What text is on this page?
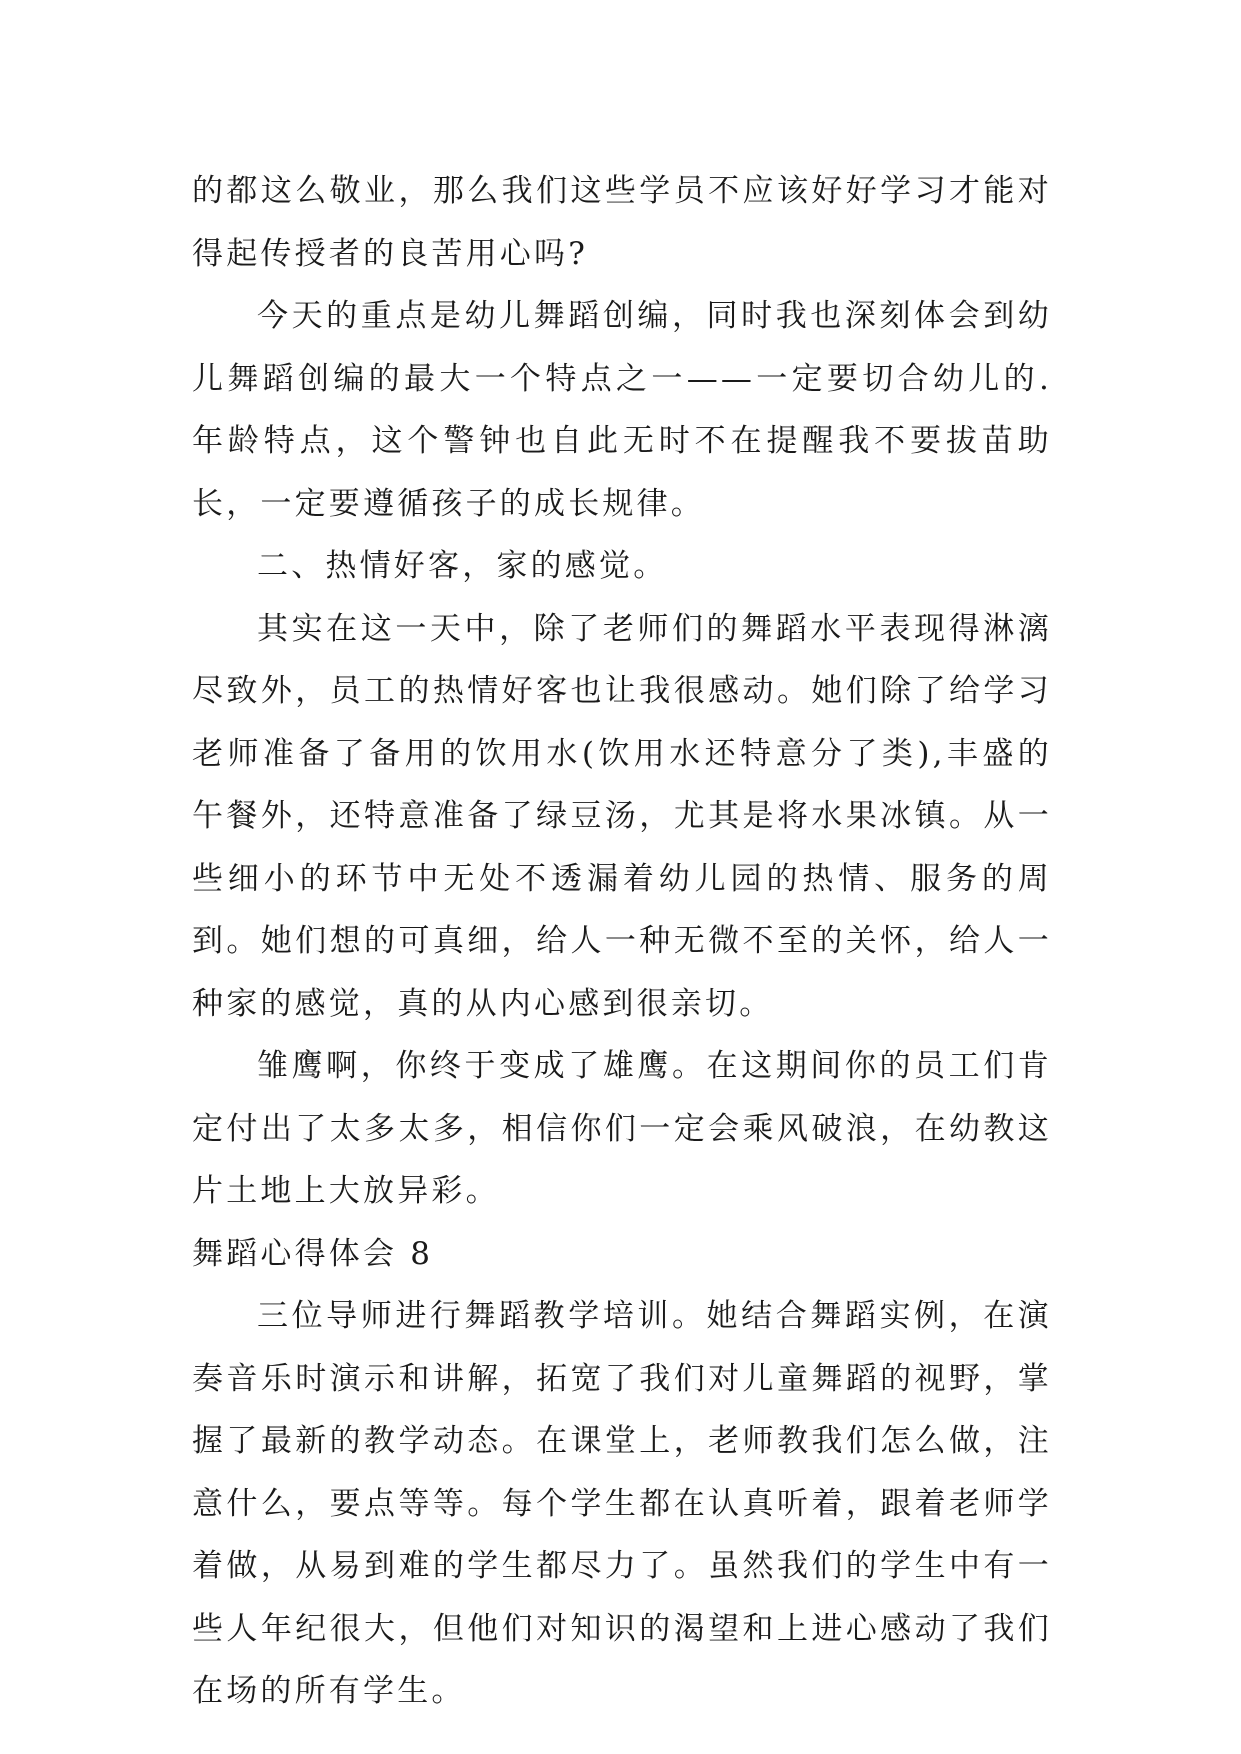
的都这么敬业，那么我们这些学员不应该好好学习才能对得起传授者的良苦用心吗?

今天的重点是幼儿舞蹈创编，同时我也深刻体会到幼儿舞蹈创编的最大一个特点之一——一定要切合幼儿的.年龄特点，这个警钟也自此无时不在提醒我不要拔苗助长，一定要遵循孩子的成长规律。

二、热情好客，家的感觉。

其实在这一天中，除了老师们的舞蹈水平表现得淋漓尽致外，员工的热情好客也让我很感动。她们除了给学习老师准备了备用的饮用水(饮用水还特意分了类),丰盛的午餐外，还特意准备了绿豆汤，尤其是将水果冰镇。从一些细小的环节中无处不透漏着幼儿园的热情、服务的周到。她们想的可真细，给人一种无微不至的关怀，给人一种家的感觉，真的从内心感到很亲切。

雏鹰啊，你终于变成了雄鹰。在这期间你的员工们肯定付出了太多太多，相信你们一定会乘风破浪，在幼教这片土地上大放异彩。

舞蹈心得体会 8

三位导师进行舞蹈教学培训。她结合舞蹈实例，在演奏音乐时演示和讲解，拓宽了我们对儿童舞蹈的视野，掌握了最新的教学动态。在课堂上，老师教我们怎么做，注意什么，要点等等。每个学生都在认真听着，跟着老师学着做，从易到难的学生都尽力了。虽然我们的学生中有一些人年纪很大，但他们对知识的渴望和上进心感动了我们在场的所有学生。
